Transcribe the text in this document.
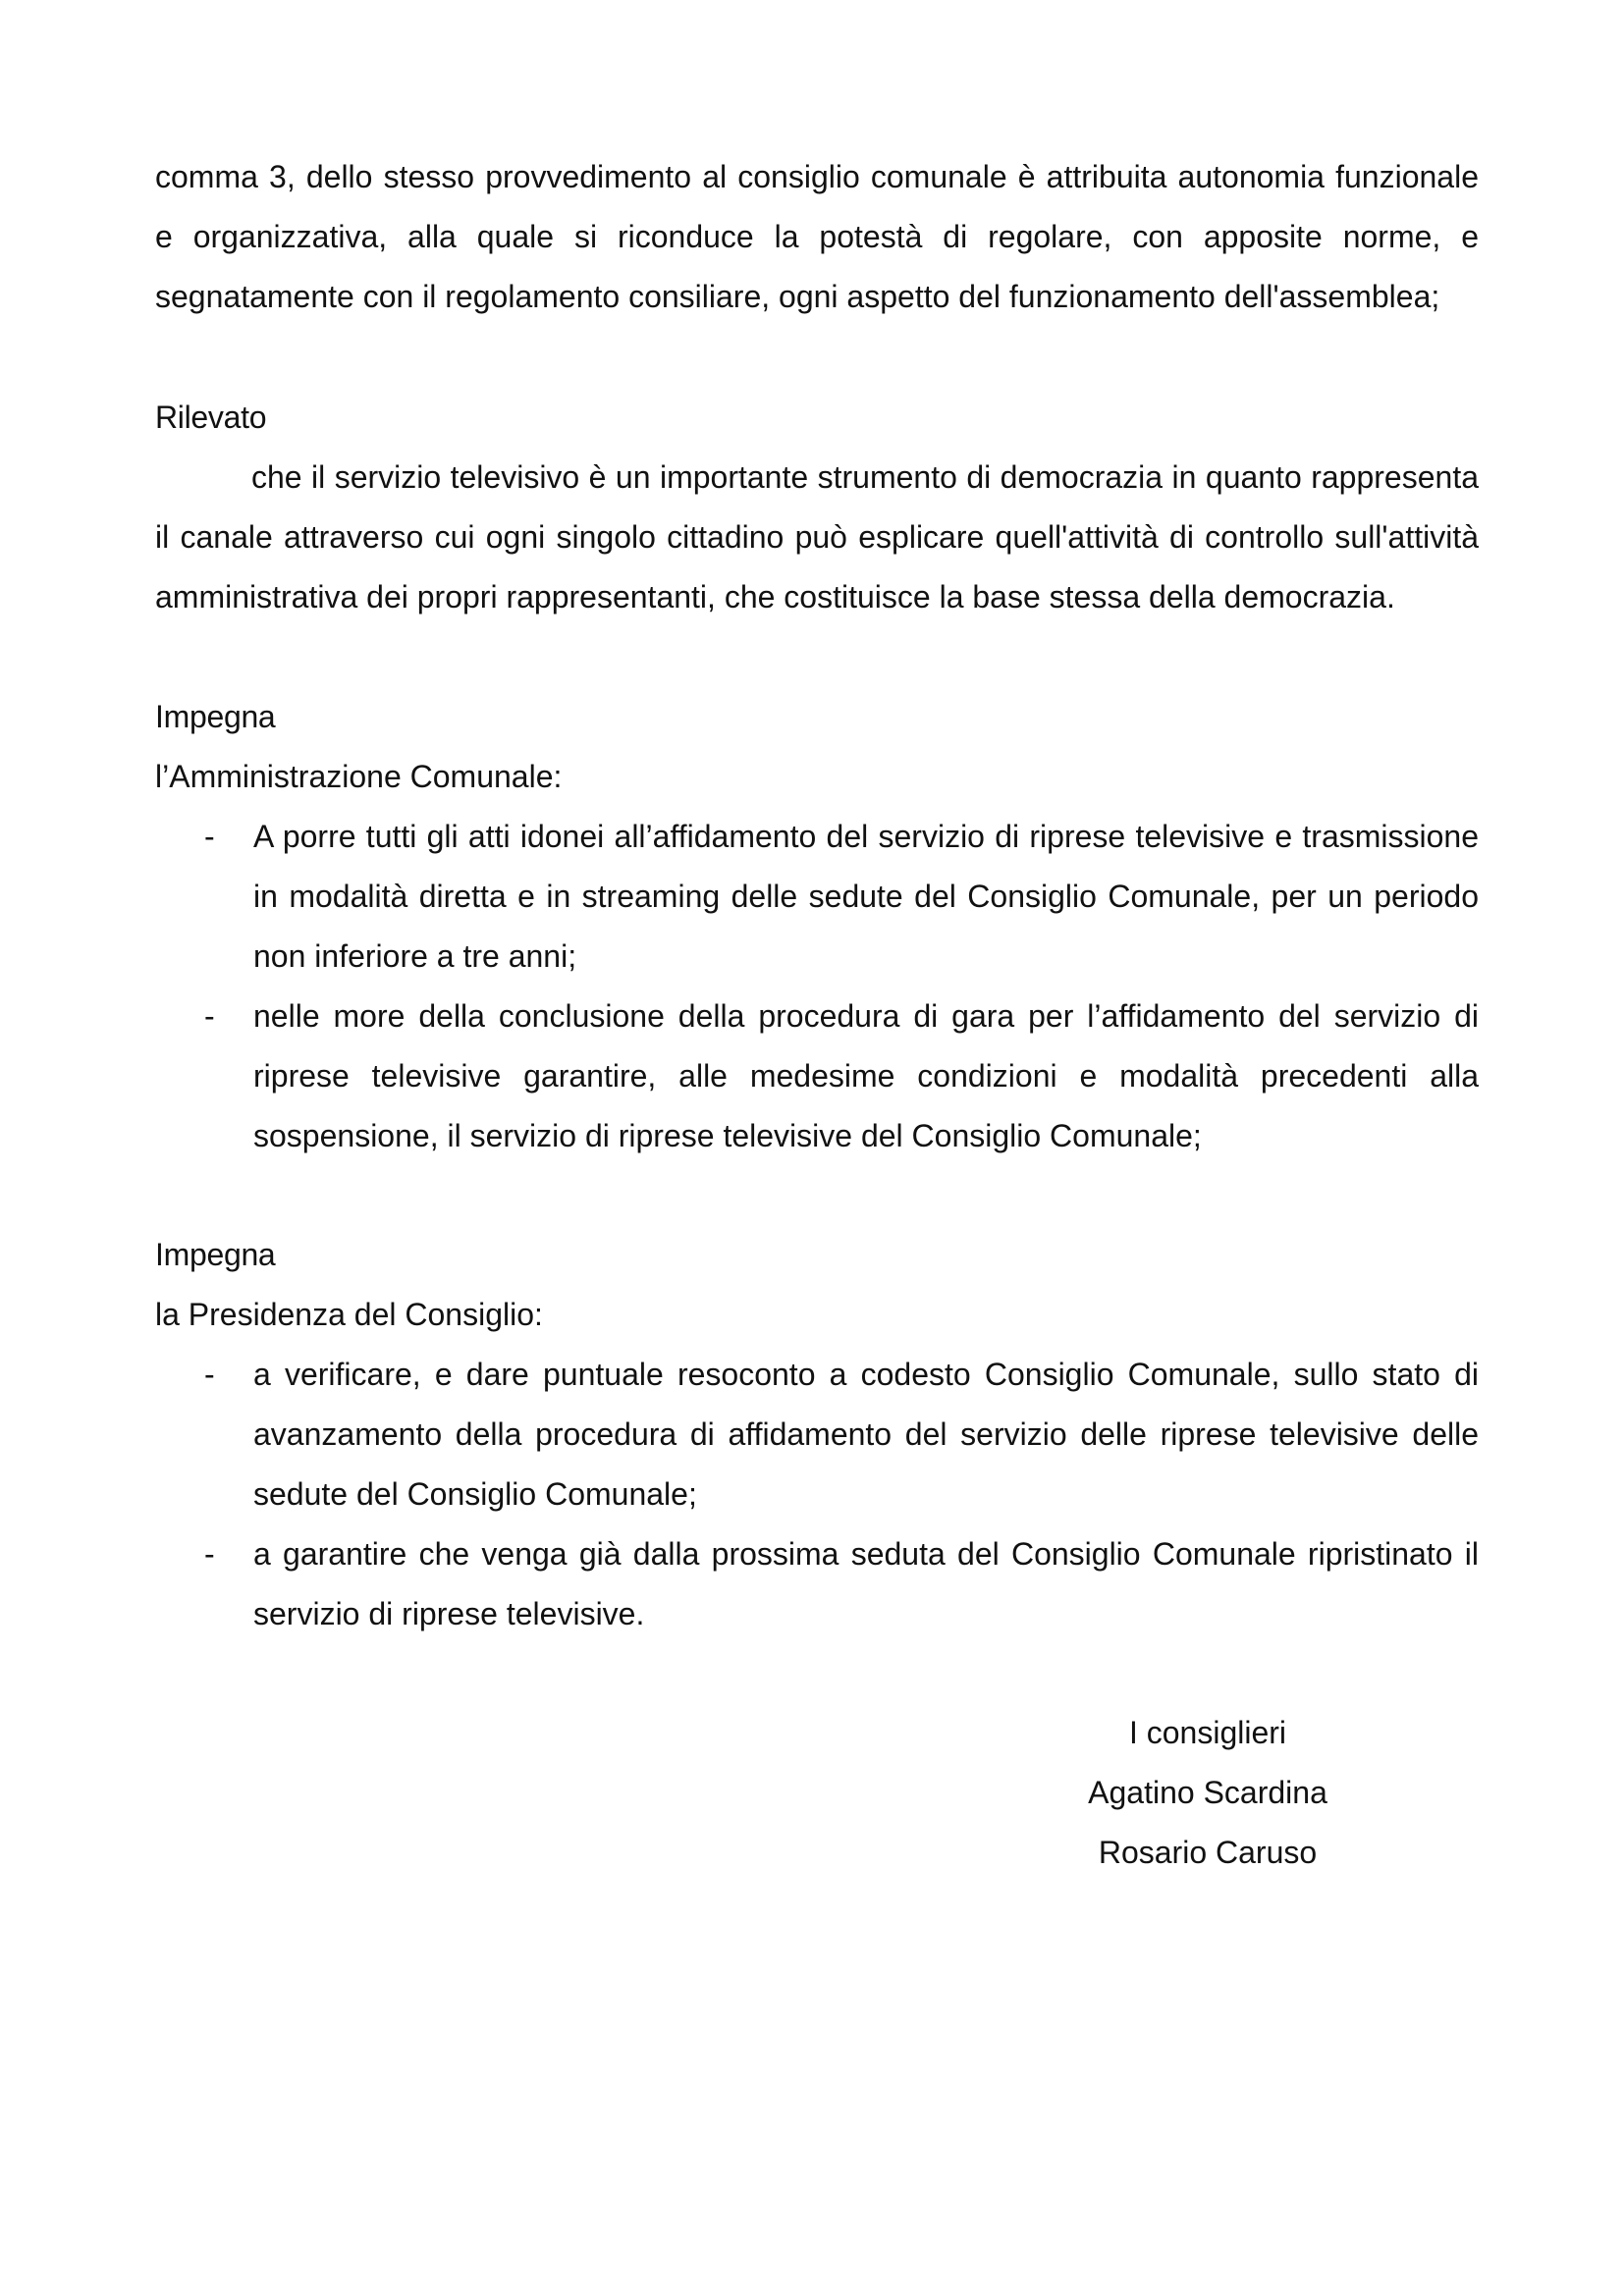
comma 3, dello stesso provvedimento al consiglio comunale è attribuita autonomia funzionale e organizzativa, alla quale si riconduce la potestà di regolare, con apposite norme, e segnatamente con il regolamento consiliare, ogni aspetto del funzionamento dell'assemblea;

Rilevato

che il servizio televisivo è un importante strumento di democrazia in quanto rappresenta il canale attraverso cui ogni singolo cittadino può esplicare quell'attività di controllo sull'attività amministrativa dei propri rappresentanti, che costituisce la base stessa della democrazia.

Impegna
l’Amministrazione Comunale:
- A porre tutti gli atti idonei all’affidamento del servizio di riprese televisive e trasmissione in modalità diretta e in streaming delle sedute del Consiglio Comunale, per un periodo non inferiore a tre anni;
- nelle more della conclusione della procedura di gara per l’affidamento del servizio di riprese televisive garantire, alle medesime condizioni e modalità precedenti alla sospensione, il servizio di riprese televisive del Consiglio Comunale;
Impegna
la Presidenza del Consiglio:
- a verificare, e dare puntuale resoconto a codesto Consiglio Comunale, sullo stato di avanzamento della procedura di affidamento del servizio delle riprese televisive delle sedute del Consiglio Comunale;
- a garantire che venga già dalla prossima seduta del Consiglio Comunale ripristinato il servizio di riprese televisive.
I consiglieri
Agatino Scardina
Rosario Caruso
